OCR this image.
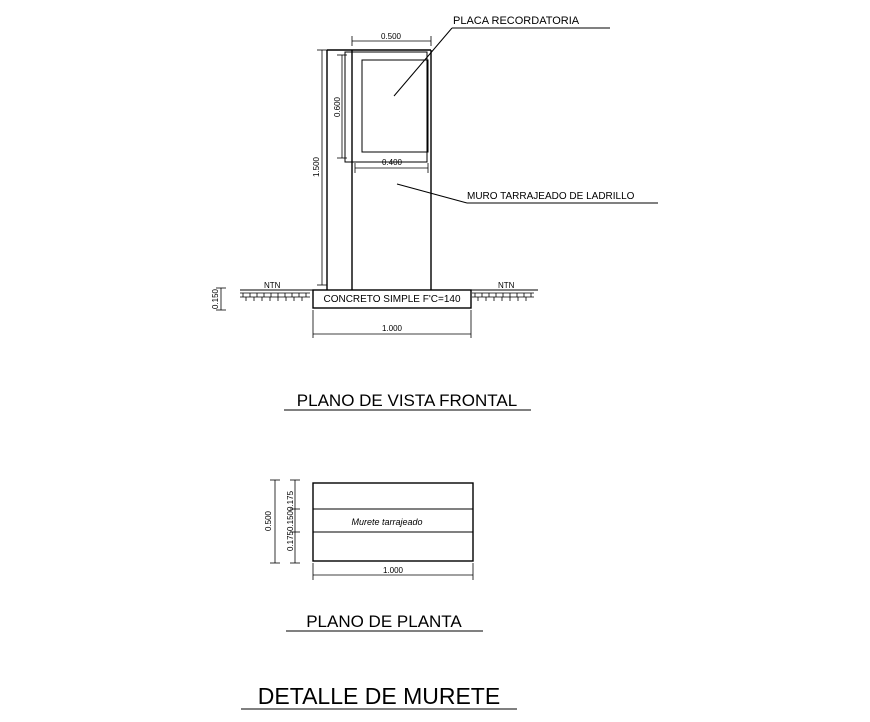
0.500
0.600
0.400
1.500
PLACA RECORDATORIA
MURO TARRAJEADO DE LADRILLO
NTN	NTN
CONCRETO SIMPLE F'C=140
0.150
1.000
PLANO DE VISTA FRONTAL
Murete tarrajeado
0.500 0.1750.1500.175
1.000
PLANO DE PLANTA
DETALLE DE MURETE
